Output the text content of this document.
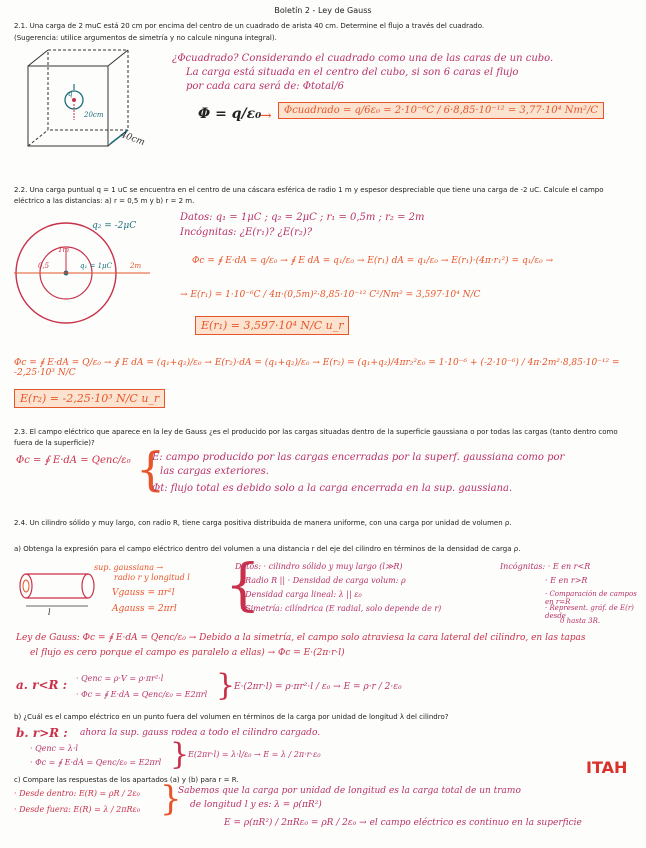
Boletín 2 - Ley de Gauss
2.1. Una carga de 2 muC está 20 cm por encima del centro de un cuadrado de arista 40 cm. Determine el flujo a través del cuadrado.
(Sugerencia: utilice argumentos de simetría y no calcule ninguna integral).
q
20cm
40cm
¿Φcuadrado? Considerando el cuadrado como una de las caras de un cubo.
La carga está situada en el centro del cubo, si son 6 caras el flujo
por cada cara será de: Φtotal/6
Φ = q/ε₀
→	Φcuadrado = q/6ε₀ = 2·10⁻⁶C / 6·8,85·10⁻¹² = 3,77·10⁴ Nm²/C
2.2. Una carga puntual q = 1 uC se encuentra en el centro de una cáscara esférica de radio 1 m y espesor despreciable que tiene una carga de -2 uC. Calcule el campo eléctrico a las distancias: a) r = 0,5 m y b) r = 2 m.
q₂ = -2μC
1m
0,5	q₁ = 1μC	2m
Datos: q₁ = 1μC ; q₂ = 2μC ; r₁ = 0,5m ; r₂ = 2m
Incógnitas: ¿E(r₁)? ¿E(r₂)?
Φc = ∮ E·dA = q/ε₀ → ∮ E dA = q₁/ε₀ → E(r₁) dA = q₁/ε₀ → E(r₁)·(4π·r₁²) = q₁/ε₀ →
→ E(r₁) = 1·10⁻⁶C / 4π·(0,5m)²·8,85·10⁻¹² C²/Nm² = 3,597·10⁴ N/C
E(r₁) = 3,597·10⁴ N/C u_r
Φc = ∮ E·dA = Q/ε₀ → ∮ E dA = (q₁+q₂)/ε₀ → E(r₂)·dA = (q₁+q₂)/ε₀ → E(r₂) = (q₁+q₂)/4πr₂²ε₀ = 1·10⁻⁶ + (-2·10⁻⁶) / 4π·2m²·8,85·10⁻¹² = -2,25·10³ N/C
E(r₂) = -2,25·10³ N/C u_r
2.3. El campo eléctrico que aparece en la ley de Gauss ¿es el producido por las cargas situadas dentro de la superficie gaussiana o por todas las cargas (tanto dentro como fuera de la superficie)?
Φc = ∮ E·dA = Qenc/ε₀ {
E: campo producido por las cargas encerradas por la superf. gaussiana como por
las cargas exteriores.
Φt: flujo total es debido solo a la carga encerrada en la sup. gaussiana.
2.4. Un cilindro sólido y muy largo, con radio R, tiene carga positiva distribuida de manera uniforme, con una carga por unidad de volumen ρ.
a) Obtenga la expresión para el campo eléctrico dentro del volumen a una distancia r del eje del cilindro en términos de la densidad de carga ρ.
l
sup. gaussiana →
radio r y longitud l
Vgauss = πr²l
Agauss = 2πrl {
Datos: · cilindro sólido y muy largo (l≫R)
· Radio R || · Densidad de carga volum: ρ
· Densidad carga lineal: λ || ε₀
· Simetría: cilíndrica (E radial, solo depende de r)
Incógnitas: · E en r<R
· E en r>R
· Comparación de campos en r=R
· Represent. gráf. de E(r) desde
0 hasta 3R.
Ley de Gauss: Φc = ∮ E·dA = Qenc/ε₀ → Debido a la simetría, el campo solo atraviesa la cara lateral del cilindro, en las tapas
el flujo es cero porque el campo es paralelo a ellas) → Φc = E·(2π·r·l)
a. r<R : · Qenc = ρ·V = ρ·πr²·l
· Φc = ∮ E·dA = Qenc/ε₀ = E2πrl }
E·(2πr·l) = ρ·πr²·l / ε₀ → E = ρ·r / 2·ε₀
b) ¿Cuál es el campo eléctrico en un punto fuera del volumen en términos de la carga por unidad de longitud λ del cilindro?
b. r>R : ahora la sup. gauss rodea a todo el cilindro cargado.
· Qenc = λ·l
· Φc = ∮ E·dA = Qenc/ε₀ = E2πrl }
E(2πr·l) = λ·l/ε₀ → E = λ / 2π·r·ε₀
c) Compare las respuestas de los apartados (a) y (b) para r = R.
ITAH
· Desde dentro: E(R) = ρR / 2ε₀
· Desde fuera: E(R) = λ / 2πRε₀ }
Sabemos que la carga por unidad de longitud es la carga total de un tramo
de longitud l y es: λ = ρ(πR²)
E = ρ(πR²) / 2πRε₀ = ρR / 2ε₀ → el campo eléctrico es continuo en la superficie
